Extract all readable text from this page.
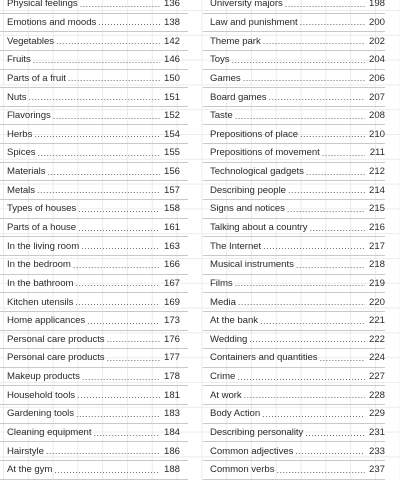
Physical feelings .....	136
Emotions and moods .....	138
Vegetables .....	142
Fruits .....	146
Parts of a fruit .....	150
Nuts .....	151
Flavorings .....	152
Herbs .....	154
Spices .....	155
Materials .....	156
Metals .....	157
Types of houses .....	158
Parts of a house .....	161
In the living room .....	163
In the bedroom .....	166
In the bathroom .....	167
Kitchen utensils .....	169
Home applicances .....	173
Personal care products .....	176
Personal care products .....	177
Makeup products .....	178
Household tools .....	181
Gardening tools .....	183
Cleaning equipment .....	184
Hairstyle .....	186
At the gym .....	188
University majors .....	198
Law and punishment .....	200
Theme park .....	202
Toys .....	204
Games .....	206
Board games .....	207
Taste .....	208
Prepositions of place .....	210
Prepositions of movement .....	211
Technological gadgets .....	212
Describing people .....	214
Signs and notices .....	215
Talking about a country .....	216
The Internet .....	217
Musical instruments .....	218
Films .....	219
Media .....	220
At the bank .....	221
Wedding .....	222
Containers and quantities .....	224
Crime .....	227
At work .....	228
Body Action .....	229
Describing personality .....	231
Common adjectives .....	233
Common verbs .....	237
